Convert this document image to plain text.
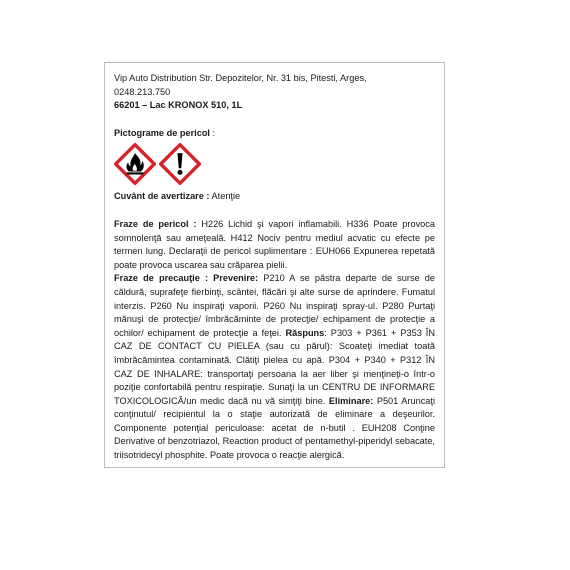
Vip Auto Distribution Str. Depozitelor, Nr. 31 bis, Pitesti, Arges,

0248.213.750

66201 – Lac KRONOX 510, 1L

Pictograme de pericol :

Cuvânt de avertizare : Atenţie

Fraze de pericol : H226 Lichid şi vapori inflamabili. H336 Poate provoca somnolenţă sau ameţeală. H412 Nociv pentru mediul acvatic cu efecte pe termen lung. Declaraţii de pericol suplimentare : EUH066 Expunerea repetată poate provoca uscarea sau crăparea pielii.

Fraze de precauţie : Prevenire: P210 A se păstra departe de surse de căldură, suprafeţe fierbinţi, scântei, flăcări şi alte surse de aprindere. Fumatul interzis. P260 Nu inspiraţi vaporii. P260 Nu inspiraţi spray-ul. P280 Purtaţi mănuşi de protecţie/ îmbrăcăminte de protecţie/ echipament de protecţie a ochilor/ echipament de protecţie a feţei. Răspuns: P303 + P361 + P353 ÎN CAZ DE CONTACT CU PIELEA (sau cu părul): Scoateţi imediat toată îmbrăcămintea contaminată. Clătiţi pielea cu apă. P304 + P340 + P312 ÎN CAZ DE INHALARE: transportaţi persoana la aer liber şi menţineţi-o într-o poziţie confortabilă pentru respiraţie. Sunaţi la un CENTRU DE INFORMARE TOXICOLOGICĂ/un medic dacă nu vă simţiţi bine. Eliminare: P501 Aruncaţi conţinutul/ recipientul la o staţie autorizată de eliminare a deşeurilor. Componente potenţial periculoase: acetat de n-butil . EUH208 Conţine Derivative of benzotriazol, Reaction product of pentamethyl-piperidyl sebacate, triisotridecyl phosphite. Poate provoca o reacţie alergică.
